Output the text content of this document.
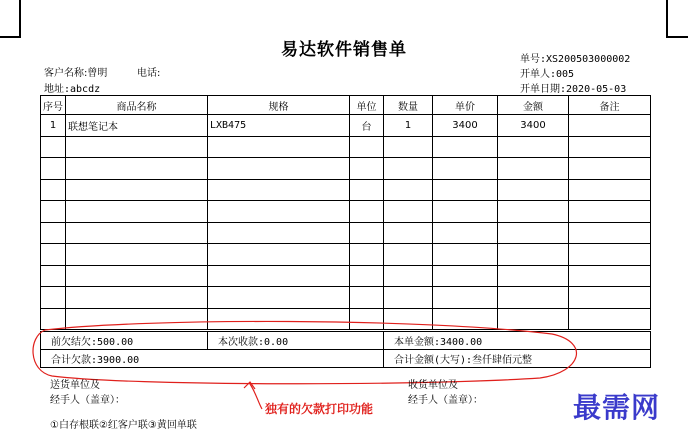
易达软件销售单	单号:XS200503000002
客户名称:曾明	电话:	开单人:005
地址:abcdz	开单日期:2020-05-03
序号	商品名称	规格	单位	数量	单价	金额	备注
1	联想笔记本	LXB475	台	1	3400	3400	

前欠结欠:500.00	本次收款:0.00	本单金额:3400.00
合计欠款:3900.00		合计金额(大写):叁仟肆佰元整
送货单位及
经手人（盖章）：
收货单位及
经手人（盖章）：
①白存根联②红客户联③黄回单联
独有的欠款打印功能	最需网
